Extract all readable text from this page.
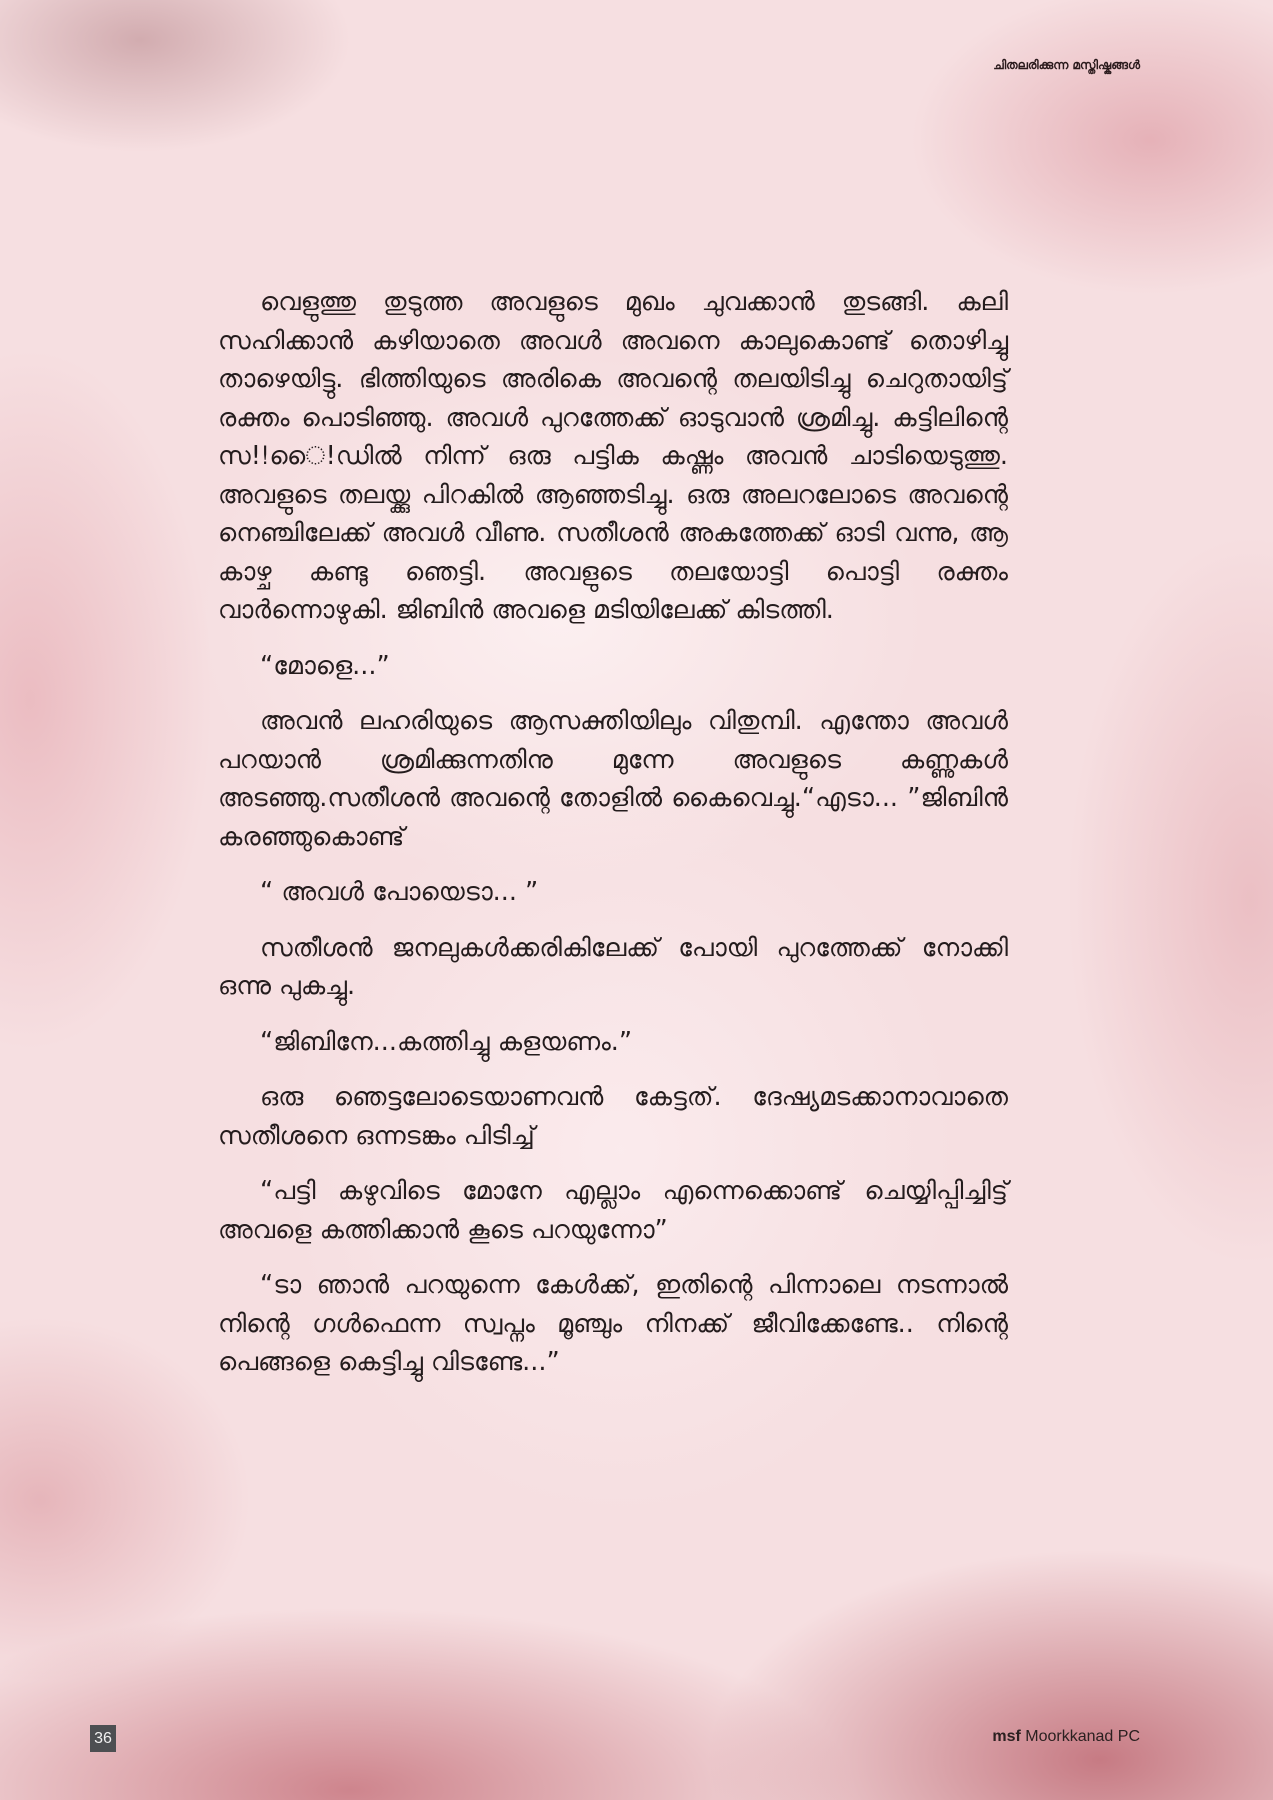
ചിതലരിക്കുന്ന മസ്തിഷ്കങ്ങൾ

വെളുത്തു തുടുത്ത അവളുടെ മുഖം ചുവക്കാൻ തുടങ്ങി. കലി സഹിക്കാൻ കഴിയാതെ അവൾ അവനെ കാലുകൊണ്ട് തൊഴിച്ചു താഴെയിട്ടു. ഭിത്തിയുടെ അരികെ അവന്റെ തലയിടിച്ചു ചെറുതായിട്ട് രക്തം പൊടിഞ്ഞു. അവൾ പുറത്തേക്ക് ഓടുവാൻ ശ്രമിച്ചു. കട്ടിലിന്റെ സ!!ൈ!ഡിൽ നിന്ന് ഒരു പട്ടിക കഷ്ണം അവൻ ചാടിയെടുത്തു. അവളുടെ തലയ്ക്കു പിറകിൽ ആഞ്ഞടിച്ചു. ഒരു അലറലോടെ അവന്റെ നെഞ്ചിലേക്ക് അവൾ വീണു. സതീശൻ അകത്തേക്ക് ഓടി വന്നു, ആ കാഴ്ച കണ്ടു ഞെട്ടി. അവളുടെ തലയോട്ടി പൊട്ടി രക്തം വാർന്നൊഴുകി. ജിബിൻ അവളെ മടിയിലേക്ക് കിടത്തി.

“മോളെ...”

അവൻ ലഹരിയുടെ ആസക്തിയിലും വിതുമ്പി. എന്തോ അവൾ പറയാൻ ശ്രമിക്കുന്നതിനു മുന്നേ അവളുടെ കണ്ണുകൾ അടഞ്ഞു.സതീശൻ അവന്റെ തോളിൽ കൈവെച്ചു.“എടാ... ”ജിബിൻ കരഞ്ഞുകൊണ്ട്

“ അവൾ പോയെടാ... ”

സതീശൻ ജനലുകൾക്കരികിലേക്ക് പോയി പുറത്തേക്ക് നോക്കി ഒന്നു പുകച്ചു.

“ജിബിനേ...കത്തിച്ചു കളയണം.”

ഒരു ഞെട്ടലോടെയാണവൻ കേട്ടത്. ദേഷ്യമടക്കാനാവാതെ സതീശനെ ഒന്നടങ്കം പിടിച്ച്

“പട്ടി കഴുവിടെ മോനേ എല്ലാം എന്നെക്കൊണ്ട് ചെയ്യിപ്പിച്ചിട്ട് അവളെ കത്തിക്കാൻ കൂടെ പറയുന്നോ”

“ടാ ഞാൻ പറയുന്നെ കേൾക്ക്, ഇതിന്റെ പിന്നാലെ നടന്നാൽ നിന്റെ ഗൾഫെന്ന സ്വപ്നം മൂഞ്ചും നിനക്ക് ജീവിക്കേണ്ടേ.. നിന്റെ പെങ്ങളെ കെട്ടിച്ചു വിടണ്ടേ...”

36	msf Moorkkanad PC
